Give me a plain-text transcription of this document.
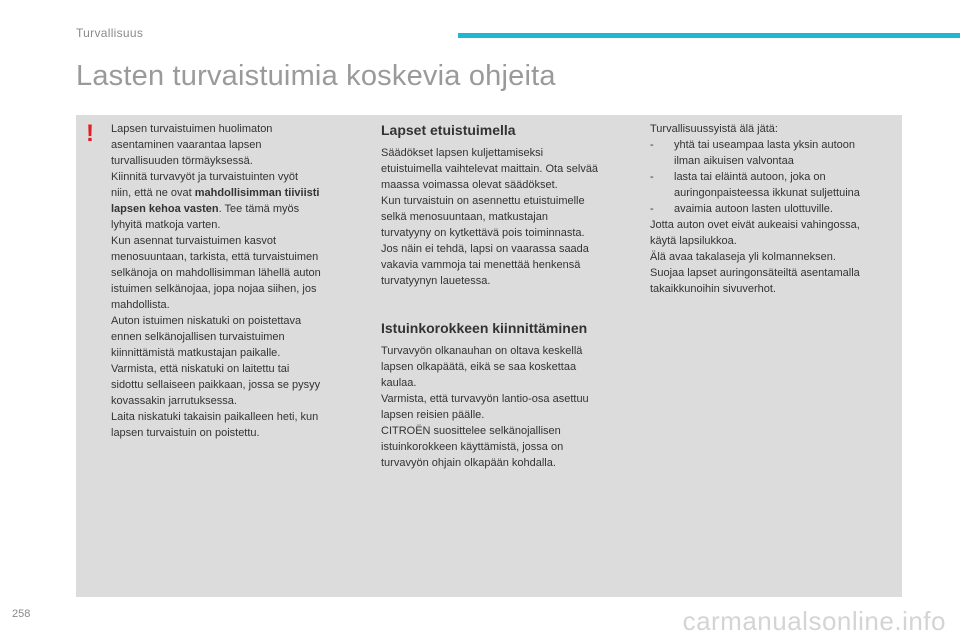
Turvallisuus
Lasten turvaistuimia koskevia ohjeita
! Lapsen turvaistuimen huolimaton

asentaminen vaarantaa lapsen

turvallisuuden törmäyksessä.

Kiinnitä turvavyöt ja turvaistuinten vyöt

niin, että ne ovat mahdollisimman tiiviisti

lapsen kehoa vasten. Tee tämä myös

lyhyitä matkoja varten.

Kun asennat turvaistuimen kasvot

menosuuntaan, tarkista, että turvaistuimen

selkänoja on mahdollisimman lähellä auton

istuimen selkänojaa, jopa nojaa siihen, jos

mahdollista.

Auton istuimen niskatuki on poistettava

ennen selkänojallisen turvaistuimen

kiinnittämistä matkustajan paikalle.

Varmista, että niskatuki on laitettu tai

sidottu sellaiseen paikkaan, jossa se pysyy

kovassakin jarrutuksessa.

Laita niskatuki takaisin paikalleen heti, kun

lapsen turvaistuin on poistettu.

Lapset etuistuimella

Säädökset lapsen kuljettamiseksi

etuistuimella vaihtelevat maittain. Ota selvää

maassa voimassa olevat säädökset.

Kun turvaistuin on asennettu etuistuimelle

selkä menosuuntaan, matkustajan

turvatyyny on kytkettävä pois toiminnasta.

Jos näin ei tehdä, lapsi on vaarassa saada

vakavia vammoja tai menettää henkensä

turvatyynyn lauetessa.

Istuinkorokkeen kiinnittäminen

Turvavyön olkanauhan on oltava keskellä

lapsen olkapäätä, eikä se saa koskettaa

kaulaa.

Varmista, että turvavyön lantio-osa asettuu

lapsen reisien päälle.

CITROËN suosittelee selkänojallisen

istuinkorokkeen käyttämistä, jossa on

turvavyön ohjain olkapään kohdalla.

Turvallisuussyistä älä jätä:

- yhtä tai useampaa lasta yksin autoon
ilman aikuisen valvontaa
- lasta tai eläintä autoon, joka on
auringonpaisteessa ikkunat suljettuina
- avaimia autoon lasten ulottuville.

Jotta auton ovet eivät aukeaisi vahingossa,

käytä lapsilukkoa.

Älä avaa takalaseja yli kolmanneksen.

Suojaa lapset auringonsäteiltä asentamalla

takaikkunoihin sivuverhot.

258	carmanualsonline.info
